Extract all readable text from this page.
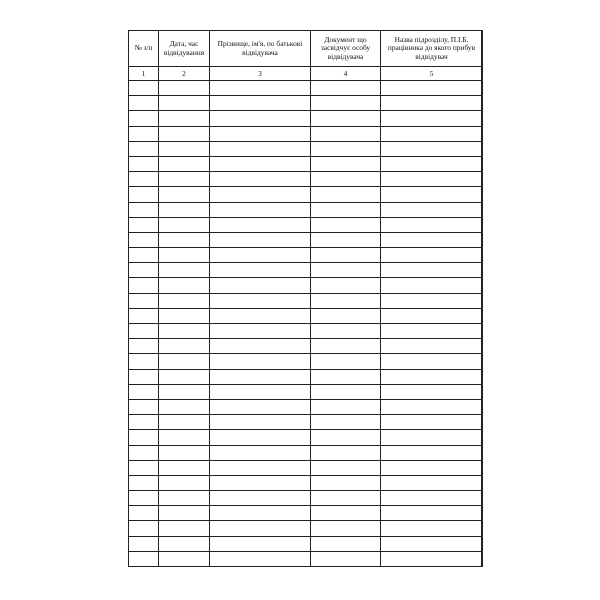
№ з/п	Дата, час відвідування	Прізвище, ім'я, по батькові відвідувача	Документ що засвідчує особу відвідувача	Назва підрозділу, П.І.Б. працівника до якого прибув відвідувач
1	2	3	4	5
